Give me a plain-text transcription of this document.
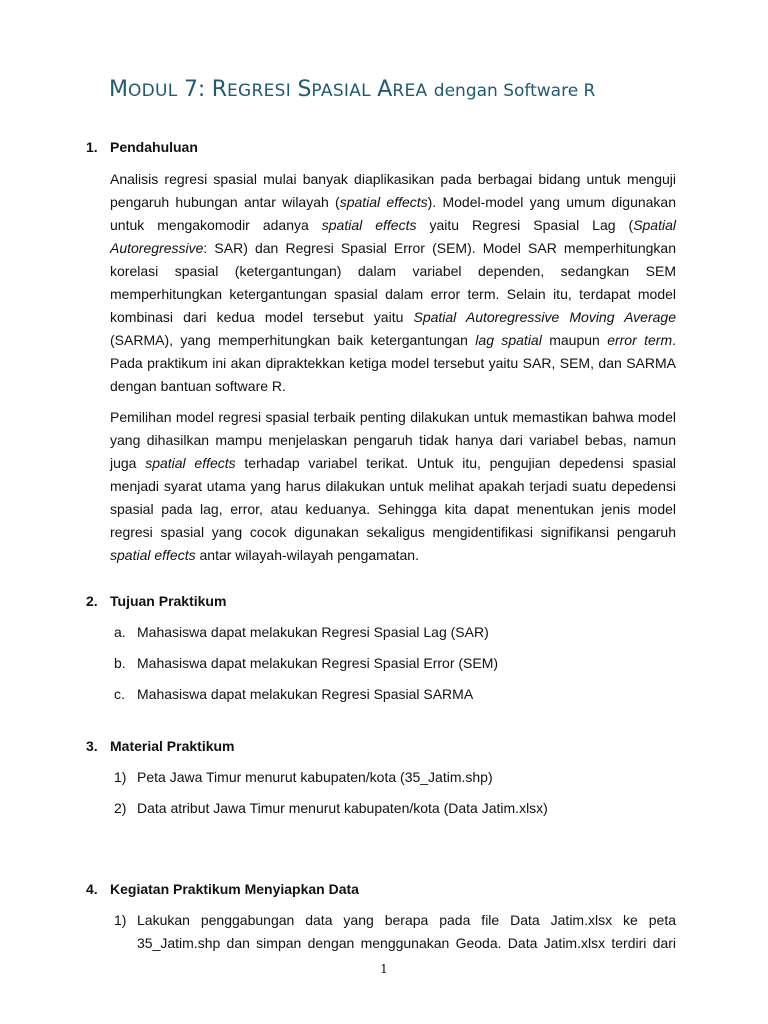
MODUL 7: REGRESI SPASIAL AREA dengan Software R

1. Pendahuluan

Analisis regresi spasial mulai banyak diaplikasikan pada berbagai bidang untuk menguji pengaruh hubungan antar wilayah (spatial effects). Model-model yang umum digunakan untuk mengakomodir adanya spatial effects yaitu Regresi Spasial Lag (Spatial Autoregressive: SAR) dan Regresi Spasial Error (SEM). Model SAR memperhitungkan korelasi spasial (ketergantungan) dalam variabel dependen, sedangkan SEM memperhitungkan ketergantungan spasial dalam error term. Selain itu, terdapat model kombinasi dari kedua model tersebut yaitu Spatial Autoregressive Moving Average (SARMA), yang memperhitungkan baik ketergantungan lag spatial maupun error term. Pada praktikum ini akan dipraktekkan ketiga model tersebut yaitu SAR, SEM, dan SARMA dengan bantuan software R.

Pemilihan model regresi spasial terbaik penting dilakukan untuk memastikan bahwa model yang dihasilkan mampu menjelaskan pengaruh tidak hanya dari variabel bebas, namun juga spatial effects terhadap variabel terikat. Untuk itu, pengujian depedensi spasial menjadi syarat utama yang harus dilakukan untuk melihat apakah terjadi suatu depedensi spasial pada lag, error, atau keduanya. Sehingga kita dapat menentukan jenis model regresi spasial yang cocok digunakan sekaligus mengidentifikasi signifikansi pengaruh spatial effects antar wilayah-wilayah pengamatan.

2. Tujuan Praktikum

a. Mahasiswa dapat melakukan Regresi Spasial Lag (SAR)
b. Mahasiswa dapat melakukan Regresi Spasial Error (SEM)
c. Mahasiswa dapat melakukan Regresi Spasial SARMA

3. Material Praktikum

1) Peta Jawa Timur menurut kabupaten/kota (35_Jatim.shp)
2) Data atribut Jawa Timur menurut kabupaten/kota (Data Jatim.xlsx)

4. Kegiatan Praktikum Menyiapkan Data

1) Lakukan penggabungan data yang berapa pada file Data Jatim.xlsx ke peta
35_Jatim.shp dan simpan dengan menggunakan Geoda. Data Jatim.xlsx terdiri dari
1
